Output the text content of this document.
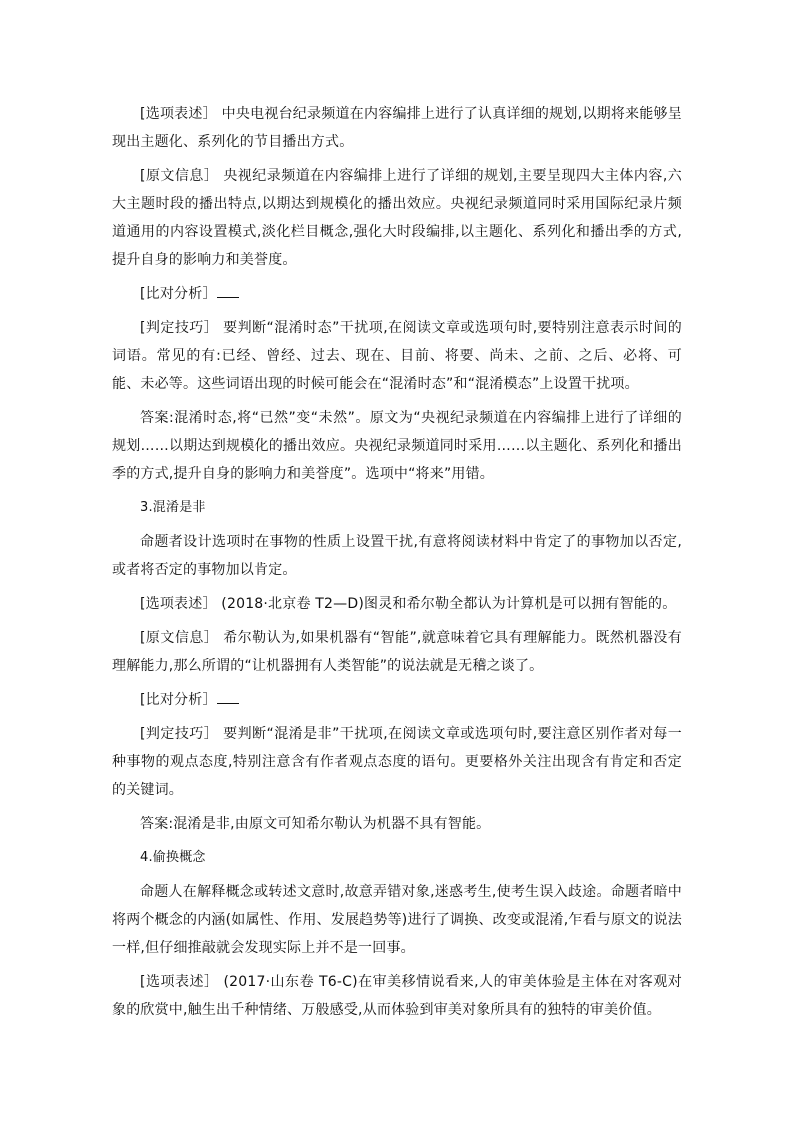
[选项表述］ 中央电视台纪录频道在内容编排上进行了认真详细的规划,以期将来能够呈现出主题化、系列化的节目播出方式。

[原文信息］ 央视纪录频道在内容编排上进行了详细的规划,主要呈现四大主体内容,六大主题时段的播出特点,以期达到规模化的播出效应。央视纪录频道同时采用国际纪录片频道通用的内容设置模式,淡化栏目概念,强化大时段编排,以主题化、系列化和播出季的方式,提升自身的影响力和美誉度。

[比对分析］

[判定技巧］ 要判断“混淆时态”干扰项,在阅读文章或选项句时,要特别注意表示时间的词语。常见的有:已经、曾经、过去、现在、目前、将要、尚未、之前、之后、必将、可能、未必等。这些词语出现的时候可能会在“混淆时态”和“混淆模态”上设置干扰项。

答案:混淆时态,将“已然”变“未然”。原文为“央视纪录频道在内容编排上进行了详细的规划……以期达到规模化的播出效应。央视纪录频道同时采用……以主题化、系列化和播出季的方式,提升自身的影响力和美誉度”。选项中“将来”用错。

3.混淆是非

命题者设计选项时在事物的性质上设置干扰,有意将阅读材料中肯定了的事物加以否定,或者将否定的事物加以肯定。

[选项表述］ (2018·北京卷 T2—D)图灵和希尔勒全都认为计算机是可以拥有智能的。

[原文信息］ 希尔勒认为,如果机器有“智能”,就意味着它具有理解能力。既然机器没有理解能力,那么所谓的“让机器拥有人类智能”的说法就是无稽之谈了。

[比对分析］

[判定技巧］ 要判断“混淆是非”干扰项,在阅读文章或选项句时,要注意区别作者对每一种事物的观点态度,特别注意含有作者观点态度的语句。更要格外关注出现含有肯定和否定的关键词。

答案:混淆是非,由原文可知希尔勒认为机器不具有智能。

4.偷换概念

命题人在解释概念或转述文意时,故意弄错对象,迷惑考生,使考生误入歧途。命题者暗中将两个概念的内涵(如属性、作用、发展趋势等)进行了调换、改变或混淆,乍看与原文的说法一样,但仔细推敲就会发现实际上并不是一回事。

[选项表述］ (2017·山东卷 T6-C)在审美移情说看来,人的审美体验是主体在对客观对象的欣赏中,触生出千种情绪、万般感受,从而体验到审美对象所具有的独特的审美价值。
